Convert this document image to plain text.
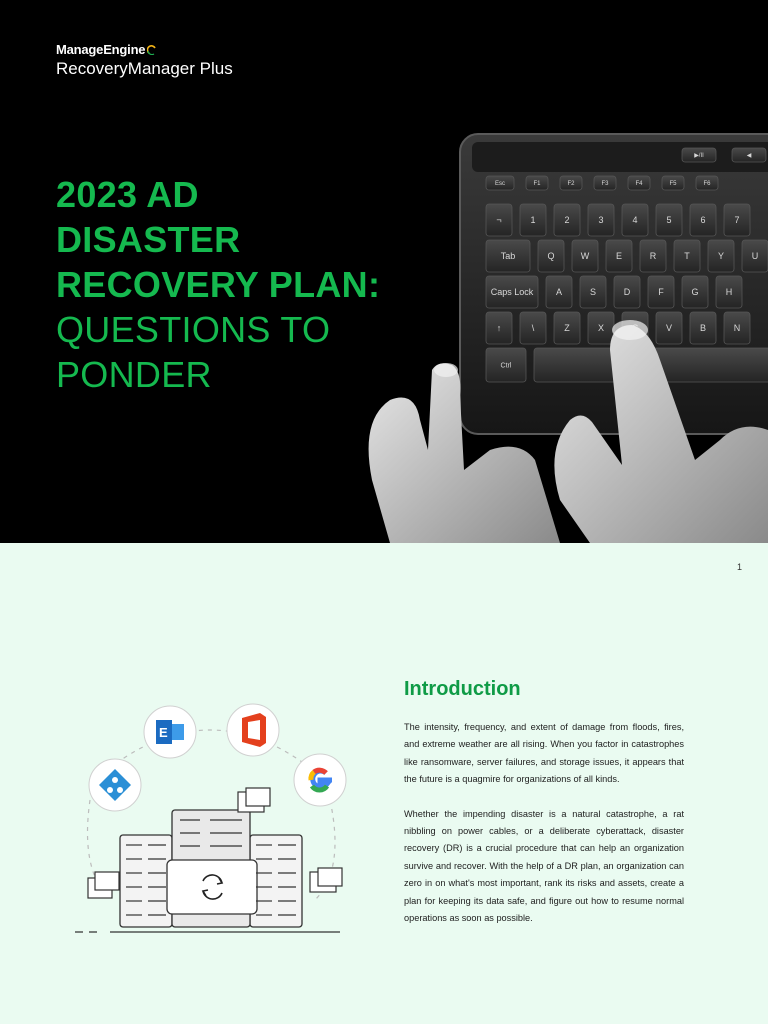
ManageEngine
RecoveryManager Plus
2023 AD
DISASTER
RECOVERY PLAN:
QUESTIONS TO
PONDER
▶/II	◀
Esc	F1	F2	F3	F4	F5	F6
¬	1	2	3	4	5	6	7
Tab	Q	W	E	R	T	Y	U
Caps Lock	A	S	D	F	G	H
↑	\	Z	X	V	B	N
Ctrl
1
E
Introduction

The intensity, frequency, and extent of damage from floods, fires, and extreme weather are all rising. When you factor in catastrophes like ransomware, server failures, and storage issues, it appears that the future is a quagmire for organizations of all kinds.

Whether the impending disaster is a natural catastrophe, a rat nibbling on power cables, or a deliberate cyberattack, disaster recovery (DR) is a crucial procedure that can help an organization survive and recover. With the help of a DR plan, an organization can zero in on what's most important, rank its risks and assets, create a plan for keeping its data safe, and figure out how to resume normal operations as soon as possible.
